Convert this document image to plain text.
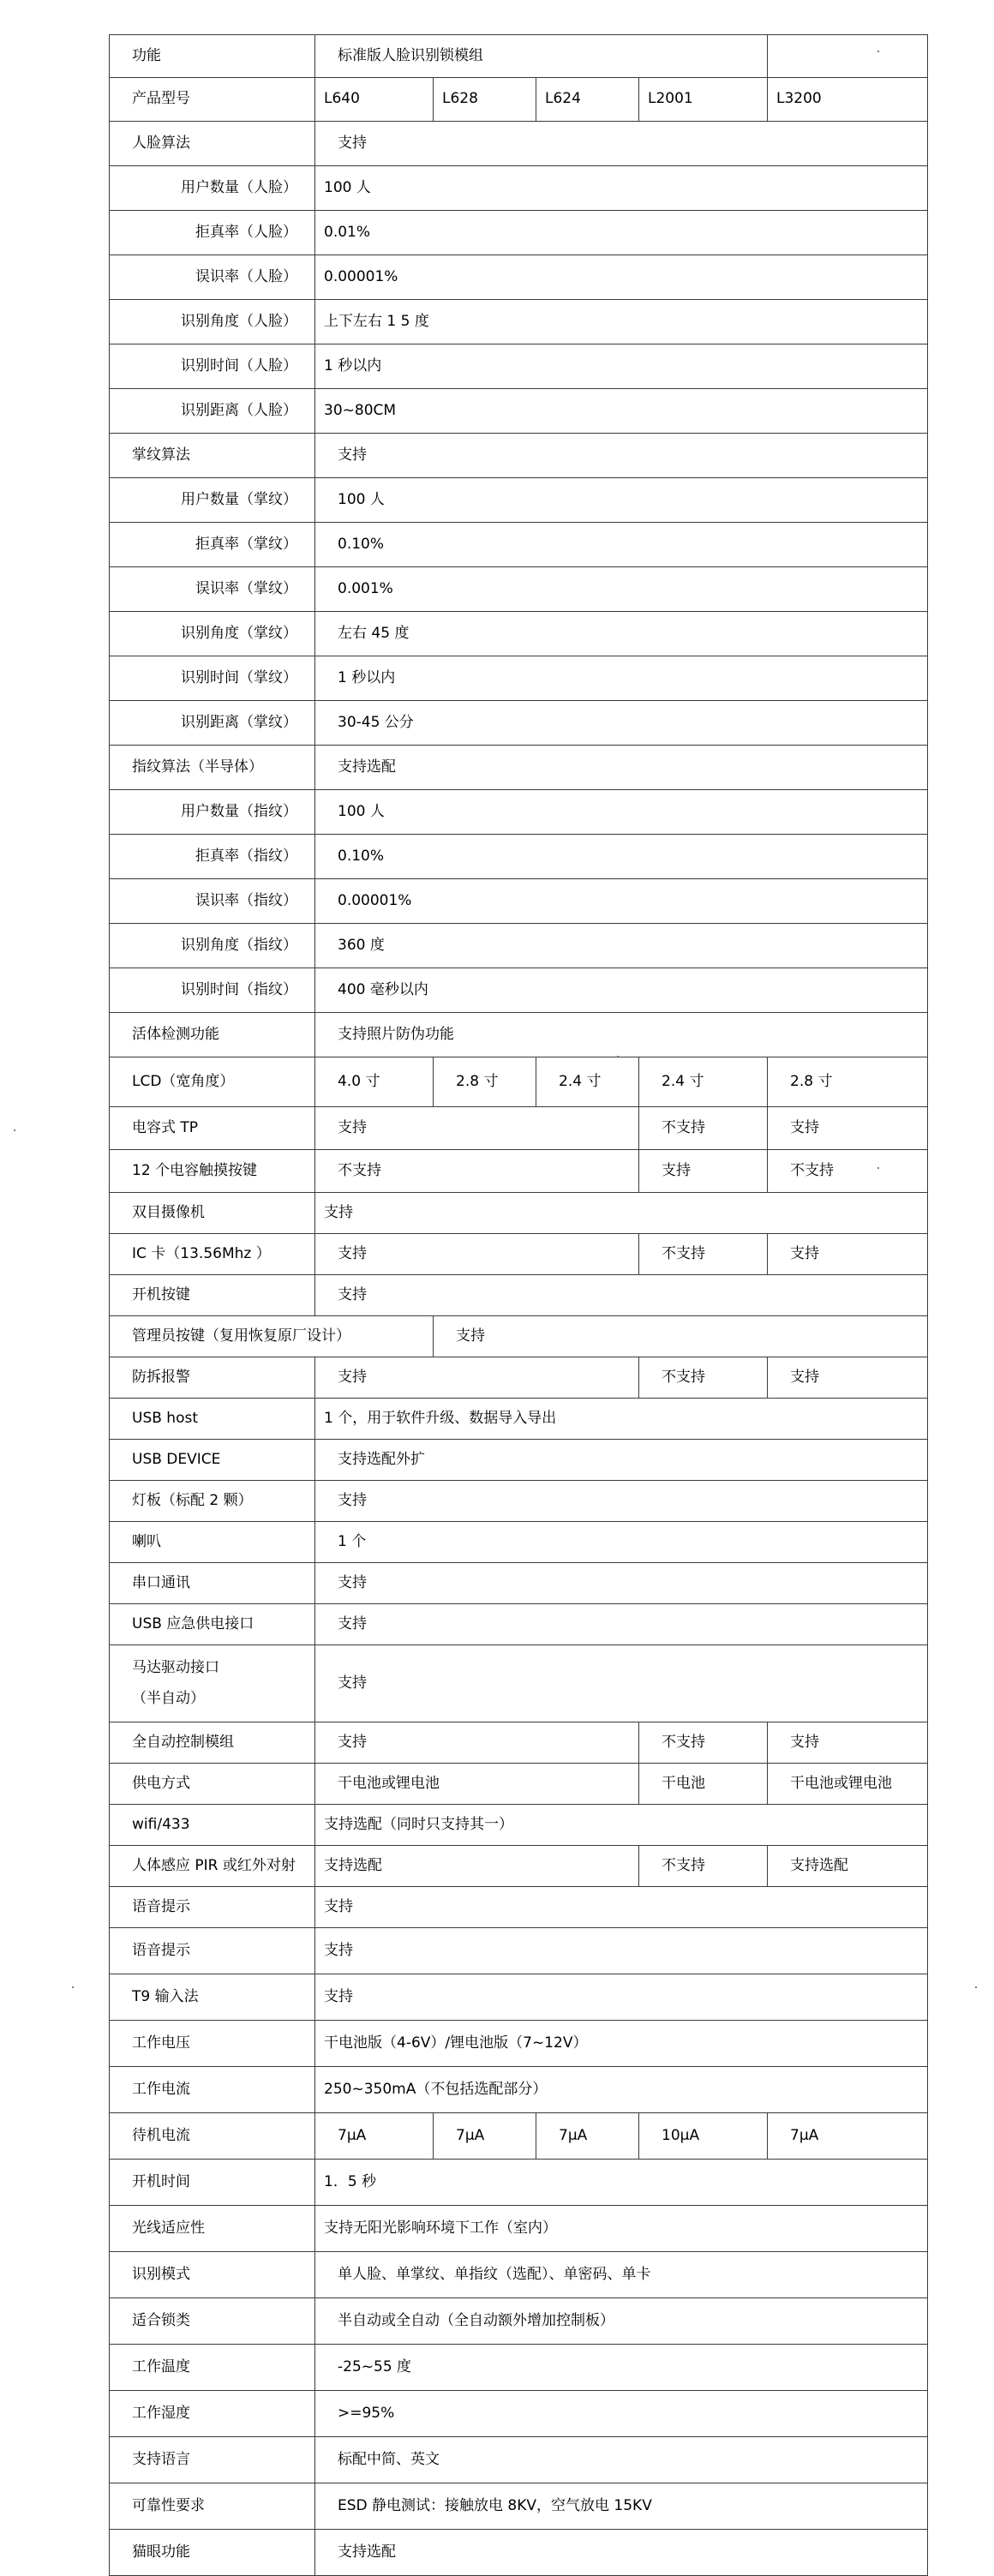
功能	标准版人脸识别锁模组				
产品型号	L640	L628	L624	L2001	L3200
人脸算法	支持				
用户数量（人脸）	100 人				
拒真率（人脸）	0.01%				
误识率（人脸）	0.00001%				
识别角度（人脸）	上下左右 1 5 度				
识别时间（人脸）	1 秒以内				
识别距离（人脸）	30~80CM				
掌纹算法	支持				
用户数量（掌纹）	100 人				
拒真率（掌纹）	0.10%				
误识率（掌纹）	0.001%				
识别角度（掌纹）	左右 45 度				
识别时间（掌纹）	1 秒以内				
识别距离（掌纹）	30-45 公分				
指纹算法（半导体）	支持选配				
用户数量（指纹）	100 人				
拒真率（指纹）	0.10%				
误识率（指纹）	0.00001%				
识别角度（指纹）	360 度				
识别时间（指纹）	400 毫秒以内				
活体检测功能	支持照片防伪功能				
LCD（宽角度）	4.0 寸	2.8 寸	2.4 寸	2.4 寸	2.8 寸
电容式 TP	支持			不支持	支持
12 个电容触摸按键	不支持			支持	不支持
双目摄像机	支持				
IC 卡（13.56Mhz ）	支持			不支持	支持
开机按键	支持				
管理员按键（复用恢复原厂设计）		支持			
防拆报警	支持			不支持	支持
USB host	1 个，用于软件升级、数据导入导出				
USB DEVICE	支持选配外扩				
灯板（标配 2 颗）	支持				
喇叭	1 个				
串口通讯	支持				
USB 应急供电接口	支持				
马达驱动接口
（半自动）	支持				
全自动控制模组	支持			不支持	支持
供电方式	干电池或锂电池			干电池	干电池或锂电池
wifi/433	支持选配（同时只支持其一）				
人体感应 PIR 或红外对射	支持选配			不支持	支持选配
语音提示	支持				
语音提示	支持				
T9 输入法	支持				
工作电压	干电池版（4-6V）/锂电池版（7~12V）				
工作电流	250~350mA（不包括选配部分）				
待机电流	7μA	7μA	7μA	10μA	7μA
开机时间	1．5 秒				
光线适应性	支持无阳光影响环境下工作（室内）				
识别模式	单人脸、单掌纹、单指纹（选配）、单密码、单卡				
适合锁类	半自动或全自动（全自动额外增加控制板）				
工作温度	-25~55 度				
工作湿度	>=95%				
支持语言	标配中简、英文				
可靠性要求	ESD 静电测试：接触放电 8KV，空气放电 15KV				
猫眼功能	支持选配				
